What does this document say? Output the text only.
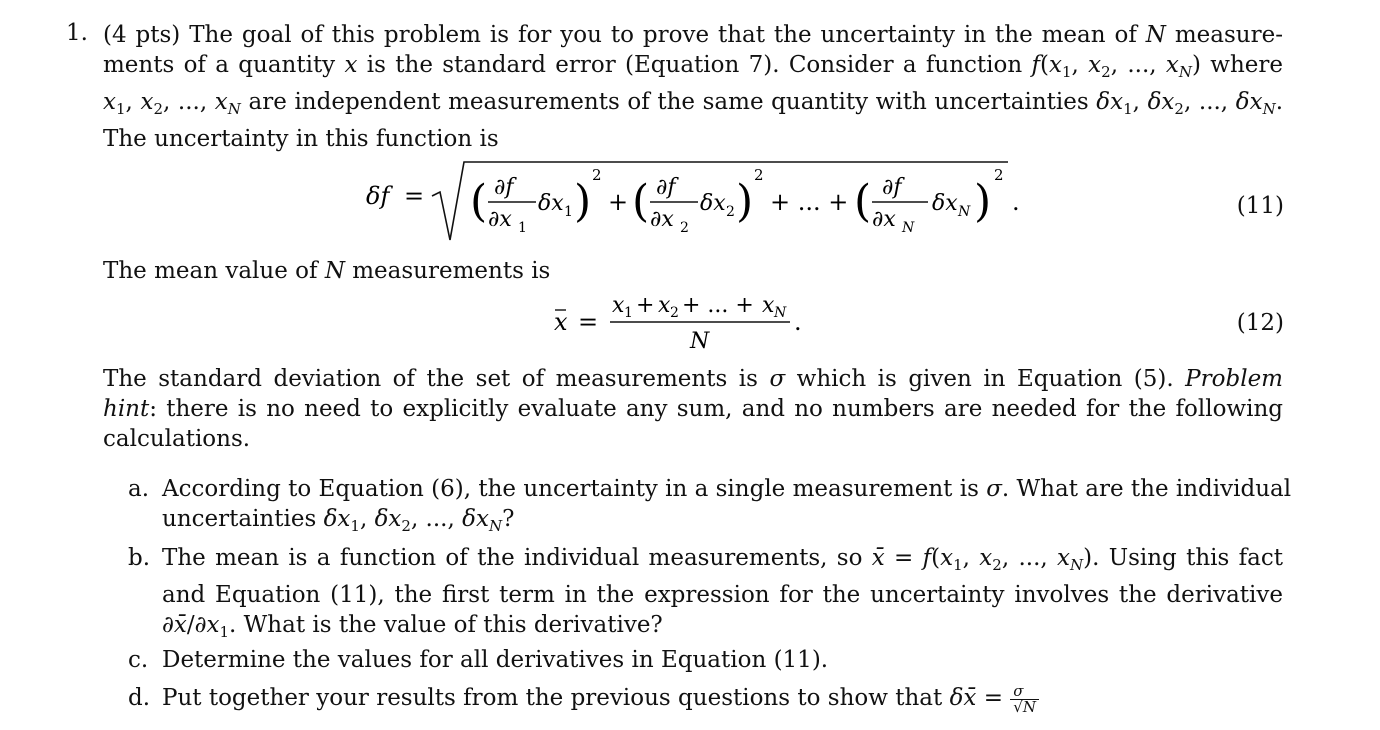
1. (4 pts) The goal of this problem is for you to prove that the uncertainty in the mean of N measure-
ments of a quantity x is the standard error (Equation 7). Consider a function $f(x_1$, $x_2$, ..., $x_N$) where
$x_1$, $x_2$, ..., $x_N$ are independent measurements of the same quantity with uncertainties $\delta x_1$, $\delta x_2$, ..., $\delta x_N$.
The uncertainty in this function is
δf = ( ∂f
∂x 1
δx 1 )
2
+ ( ∂f
∂x 2
δx 2 )
2
+ ... + ( ∂f
∂x N
δx N )
2
.	(11)
The mean value of N measurements is
x =
x 1 + x 2 + ... + x N
N
.	(12)
The standard deviation of the set of measurements is σ which is given in Equation (5). Problem
hint: there is no need to explicitly evaluate any sum, and no numbers are needed for the following
calculations.
a. According to Equation (6), the uncertainty in a single measurement is σ. What are the individual
uncertainties $\delta x_1$, $\delta x_2$, ..., $\delta x_N$?
b. The mean is a function of the individual measurements, so x̄ = $f(x_1$, $x_2$, ..., $x_N$). Using this fact
and Equation (11), the first term in the expression for the uncertainty involves the derivative
$\partial x̄/\partial x_1$. What is the value of this derivative?
c. Determine the values for all derivatives in Equation (11).
d. Put together your results from the previous questions to show that δx̄ = $\frac{\sigma}{√N}$
